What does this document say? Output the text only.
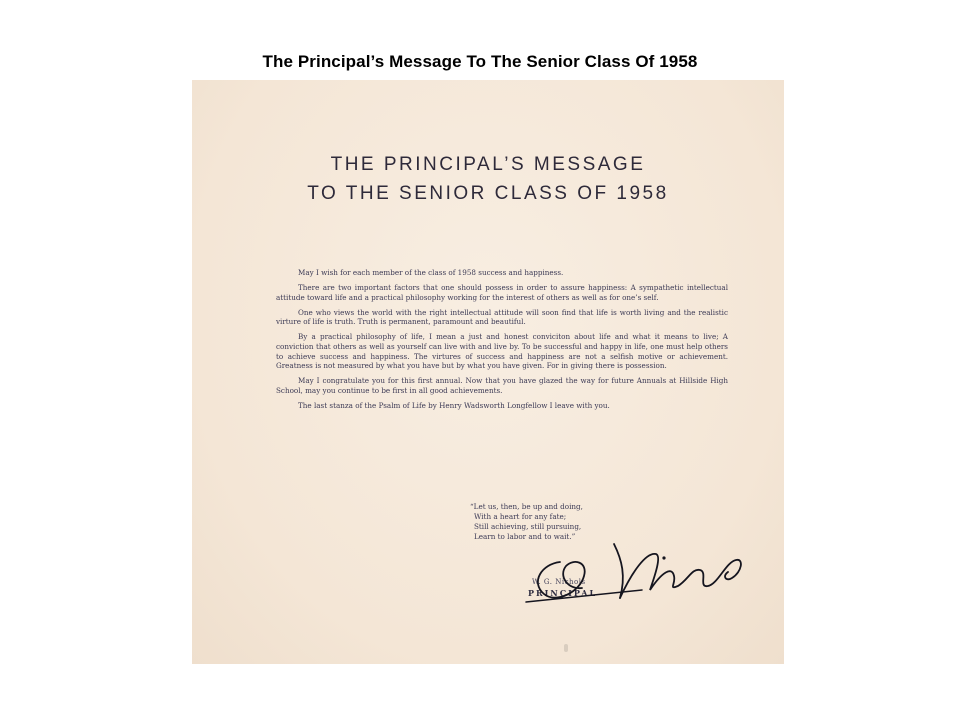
The Principal’s Message To The Senior Class Of 1958
THE PRINCIPAL’S MESSAGE
TO THE SENIOR CLASS OF 1958

May I wish for each member of the class of 1958 success and happiness.

There are two important factors that one should possess in order to assure happiness: A sympathetic intellectual attitude toward life and a practical philosophy working for the interest of others as well as for one’s self.

One who views the world with the right intellectual attitude will soon find that life is worth living and the realistic virture of life is truth. Truth is permanent, paramount and beautiful.

By a practical philosophy of life, I mean a just and honest conviciton about life and what it means to live; A conviction that others as well as yourself can live with and live by. To be successful and happy in life, one must help others to achieve success and happiness. The virtures of success and happiness are not a selfish motive or achievement. Greatness is not measured by what you have but by what you have given. For in giving there is possession.

May I congratulate you for this first annual. Now that you have glazed the way for future Annuals at Hillside High School, may you continue to be first in all good achievements.

The last stanza of the Psalm of Life by Henry Wadsworth Longfellow I leave with you.

“Let us, then, be up and doing,
With a heart for any fate;
Still achieving, still pursuing,
Learn to labor and to wait.”
W. G. Nichols
PRINCIPAL
